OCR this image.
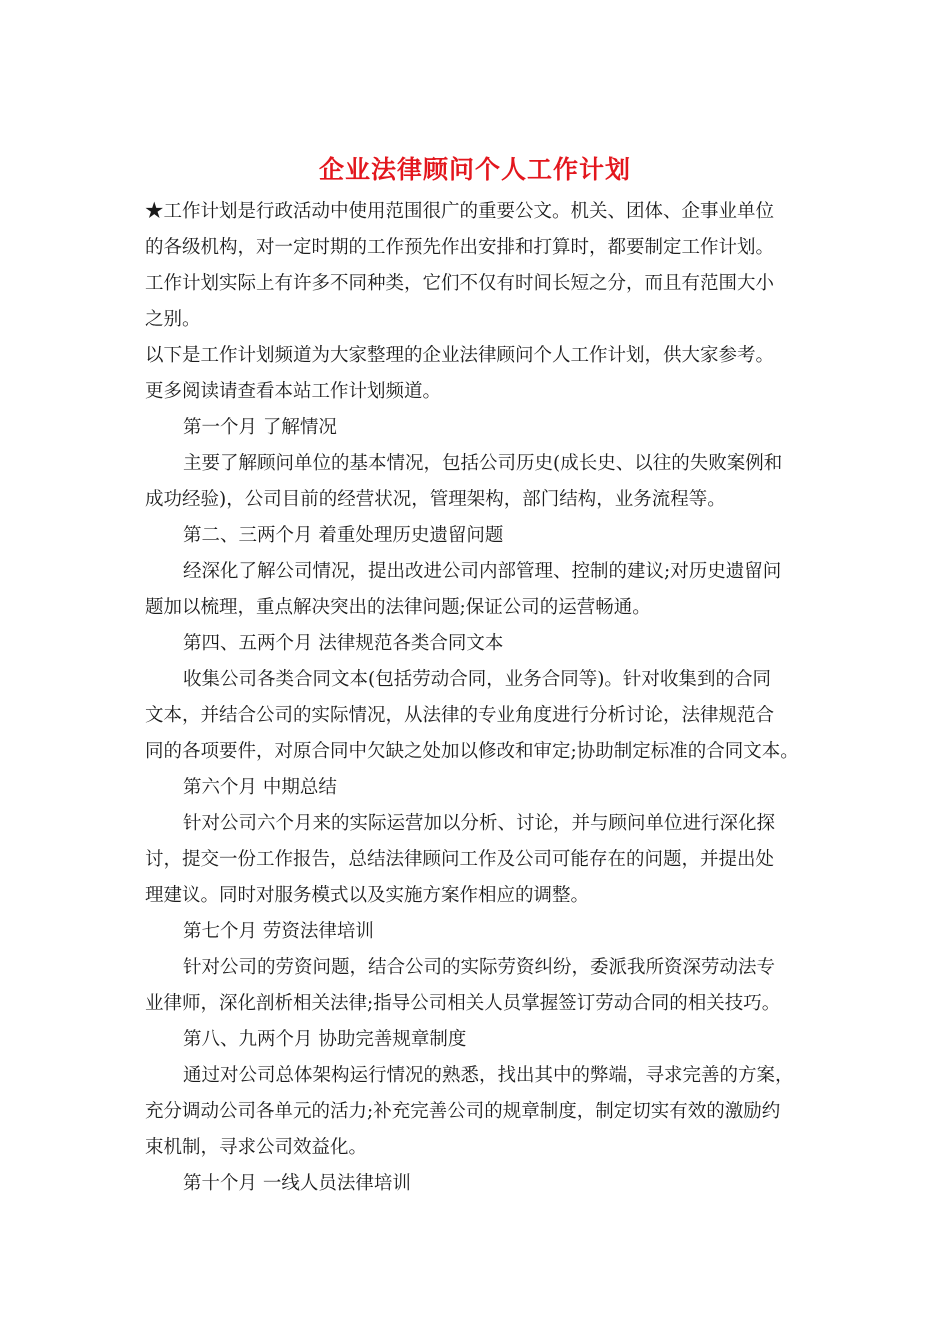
企业法律顾问个人工作计划
★工作计划是行政活动中使用范围很广的重要公文。机关、团体、企事业单位
的各级机构，对一定时期的工作预先作出安排和打算时，都要制定工作计划。
工作计划实际上有许多不同种类，它们不仅有时间长短之分，而且有范围大小
之别。
以下是工作计划频道为大家整理的企业法律顾问个人工作计划，供大家参考。
更多阅读请查看本站工作计划频道。
第一个月 了解情况
主要了解顾问单位的基本情况，包括公司历史(成长史、以往的失败案例和
成功经验)，公司目前的经营状况，管理架构，部门结构，业务流程等。
第二、三两个月 着重处理历史遗留问题
经深化了解公司情况，提出改进公司内部管理、控制的建议;对历史遗留问
题加以梳理，重点解决突出的法律问题;保证公司的运营畅通。
第四、五两个月 法律规范各类合同文本
收集公司各类合同文本(包括劳动合同，业务合同等)。针对收集到的合同
文本，并结合公司的实际情况，从法律的专业角度进行分析讨论，法律规范合
同的各项要件，对原合同中欠缺之处加以修改和审定;协助制定标准的合同文本。
第六个月 中期总结
针对公司六个月来的实际运营加以分析、讨论，并与顾问单位进行深化探
讨，提交一份工作报告，总结法律顾问工作及公司可能存在的问题，并提出处
理建议。同时对服务模式以及实施方案作相应的调整。
第七个月 劳资法律培训
针对公司的劳资问题，结合公司的实际劳资纠纷，委派我所资深劳动法专
业律师，深化剖析相关法律;指导公司相关人员掌握签订劳动合同的相关技巧。
第八、九两个月 协助完善规章制度
通过对公司总体架构运行情况的熟悉，找出其中的弊端，寻求完善的方案，
充分调动公司各单元的活力;补充完善公司的规章制度，制定切实有效的激励约
束机制，寻求公司效益化。
第十个月 一线人员法律培训
